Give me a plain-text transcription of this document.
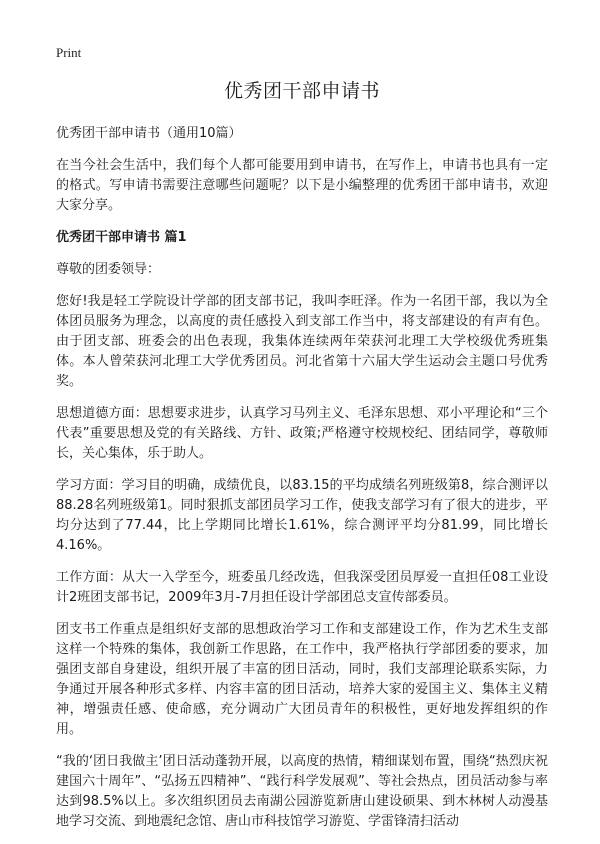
Print
优秀团干部申请书
优秀团干部申请书（通用10篇）

在当今社会生活中，我们每个人都可能要用到申请书，在写作上，申请书也具有一定的格式。写申请书需要注意哪些问题呢？以下是小编整理的优秀团干部申请书，欢迎大家分享。

优秀团干部申请书 篇1

尊敬的团委领导：

您好!我是轻工学院设计学部的团支部书记，我叫李旺泽。作为一名团干部，我以为全体团员服务为理念，以高度的责任感投入到支部工作当中，将支部建设的有声有色。由于团支部、班委会的出色表现，我集体连续两年荣获河北理工大学校级优秀班集体。本人曾荣获河北理工大学优秀团员。河北省第十六届大学生运动会主题口号优秀奖。

思想道德方面：思想要求进步，认真学习马列主义、毛泽东思想、邓小平理论和“三个代表”重要思想及党的有关路线、方针、政策;严格遵守校规校纪、团结同学，尊敬师长，关心集体，乐于助人。

学习方面：学习目的明确，成绩优良，以83.15的平均成绩名列班级第8，综合测评以88.28名列班级第1。同时狠抓支部团员学习工作，使我支部学习有了很大的进步，平均分达到了77.44，比上学期同比增长1.61%，综合测评平均分81.99，同比增长4.16%。

工作方面：从大一入学至今，班委虽几经改选，但我深受团员厚爱一直担任08工业设计2班团支部书记，2009年3月-7月担任设计学部团总支宣传部委员。

团支书工作重点是组织好支部的思想政治学习工作和支部建设工作，作为艺术生支部这样一个特殊的集体，我创新工作思路，在工作中，我严格执行学部团委的要求，加强团支部自身建设，组织开展了丰富的团日活动，同时，我们支部理论联系实际，力争通过开展各种形式多样、内容丰富的团日活动，培养大家的爱国主义、集体主义精神，增强责任感、使命感，充分调动广大团员青年的积极性，更好地发挥组织的作用。

“我的‘团日我做主’团日活动蓬勃开展，以高度的热情，精细谋划布置，围绕“热烈庆祝建国六十周年”、“弘扬五四精神”、“践行科学发展观”、等社会热点，团员活动参与率达到98.5%以上。多次组织团员去南湖公园游览新唐山建设硕果、到木林树人动漫基地学习交流、到地震纪念馆、唐山市科技馆学习游览、学雷锋清扫活动
